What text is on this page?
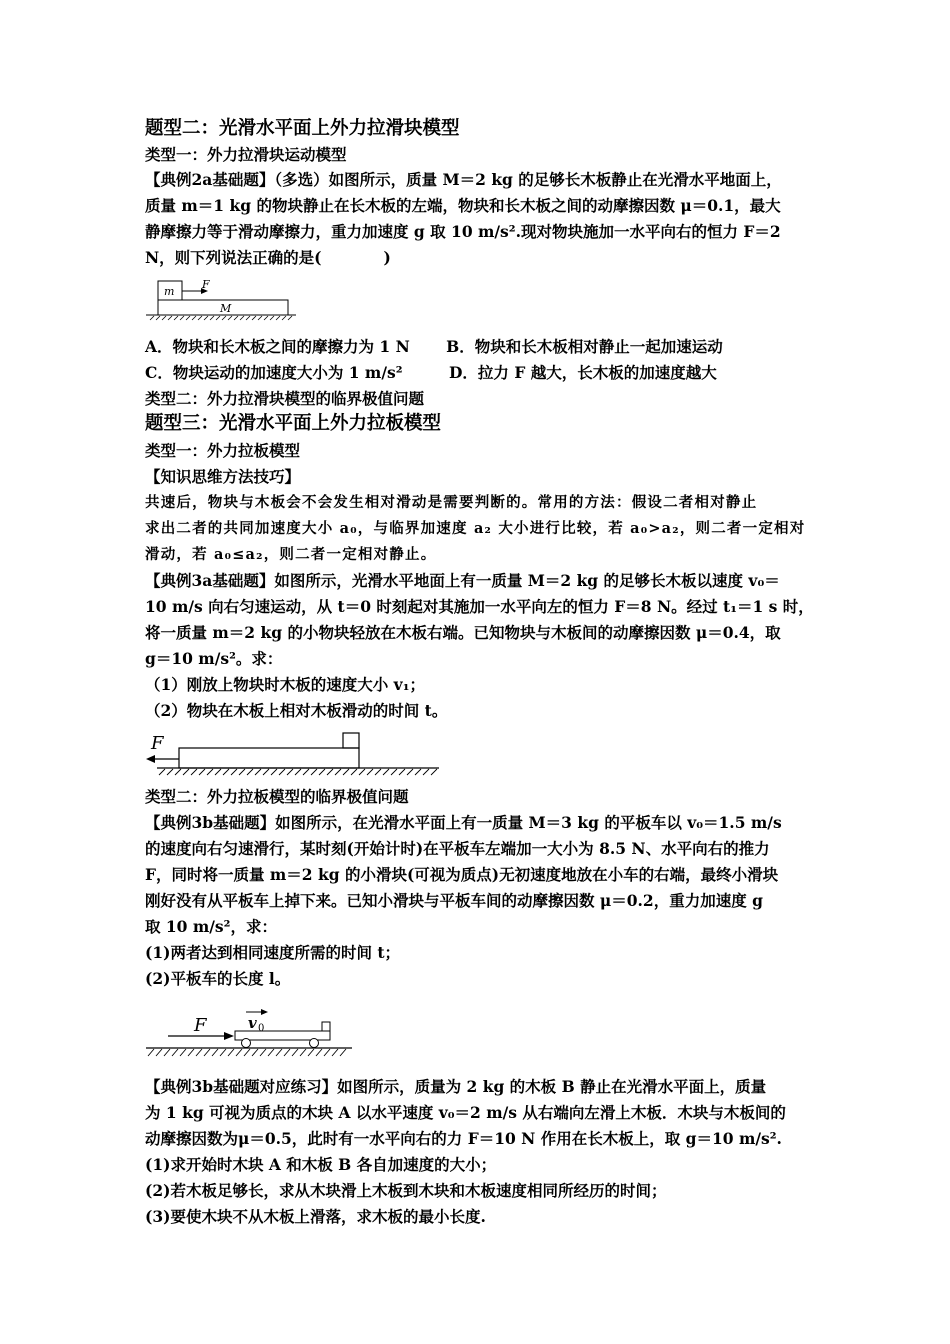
题型二：光滑水平面上外力拉滑块模型
类型一：外力拉滑块运动模型
【典例2a基础题】（多选）如图所示，质量 M＝2 kg 的足够长木板静止在光滑水平地面上，
质量 m＝1 kg 的物块静止在长木板的左端，物块和长木板之间的动摩擦因数 μ＝0.1，最大
静摩擦力等于滑动摩擦力，重力加速度 g 取 10 m/s².现对物块施加一水平向右的恒力 F＝2
N，则下列说法正确的是(　　　　)
m
F
M
A．物块和长木板之间的摩擦力为 1 N　　 B．物块和长木板相对静止一起加速运动
C．物块运动的加速度大小为 1 m/s²　　　D．拉力 F 越大，长木板的加速度越大
类型二：外力拉滑块模型的临界极值问题
题型三：光滑水平面上外力拉板模型
类型一：外力拉板模型
【知识思维方法技巧】
共速后，物块与木板会不会发生相对滑动是需要判断的。常用的方法：假设二者相对静止
求出二者的共同加速度大小 a₀，与临界加速度 a₂ 大小进行比较，若 a₀>a₂，则二者一定相对
滑动，若 a₀≤a₂，则二者一定相对静止。
【典例3a基础题】如图所示，光滑水平地面上有一质量 M＝2 kg 的足够长木板以速度 v₀＝
10 m/s 向右匀速运动，从 t＝0 时刻起对其施加一水平向左的恒力 F＝8 N。经过 t₁＝1 s 时，
将一质量 m＝2 kg 的小物块轻放在木板右端。已知物块与木板间的动摩擦因数 μ＝0.4，取
g＝10 m/s²。求：
（1）刚放上物块时木板的速度大小 v₁；
（2）物块在木板上相对木板滑动的时间 t。
F
类型二：外力拉板模型的临界极值问题
【典例3b基础题】如图所示，在光滑水平面上有一质量 M＝3 kg 的平板车以 v₀＝1.5 m/s
的速度向右匀速滑行，某时刻(开始计时)在平板车左端加一大小为 8.5 N、水平向右的推力
F，同时将一质量 m＝2 kg 的小滑块(可视为质点)无初速度地放在小车的右端，最终小滑块
刚好没有从平板车上掉下来。已知小滑块与平板车间的动摩擦因数 μ＝0.2，重力加速度 g
取 10 m/s²，求：
(1)两者达到相同速度所需的时间 t；
(2)平板车的长度 l。
F	v 0
【典例3b基础题对应练习】如图所示，质量为 2 kg 的木板 B 静止在光滑水平面上，质量
为 1 kg 可视为质点的木块 A 以水平速度 v₀＝2 m/s 从右端向左滑上木板．木块与木板间的
动摩擦因数为μ＝0.5，此时有一水平向右的力 F＝10 N 作用在长木板上，取 g＝10 m/s².
(1)求开始时木块 A 和木板 B 各自加速度的大小；
(2)若木板足够长，求从木块滑上木板到木块和木板速度相同所经历的时间；
(3)要使木块不从木板上滑落，求木板的最小长度.
